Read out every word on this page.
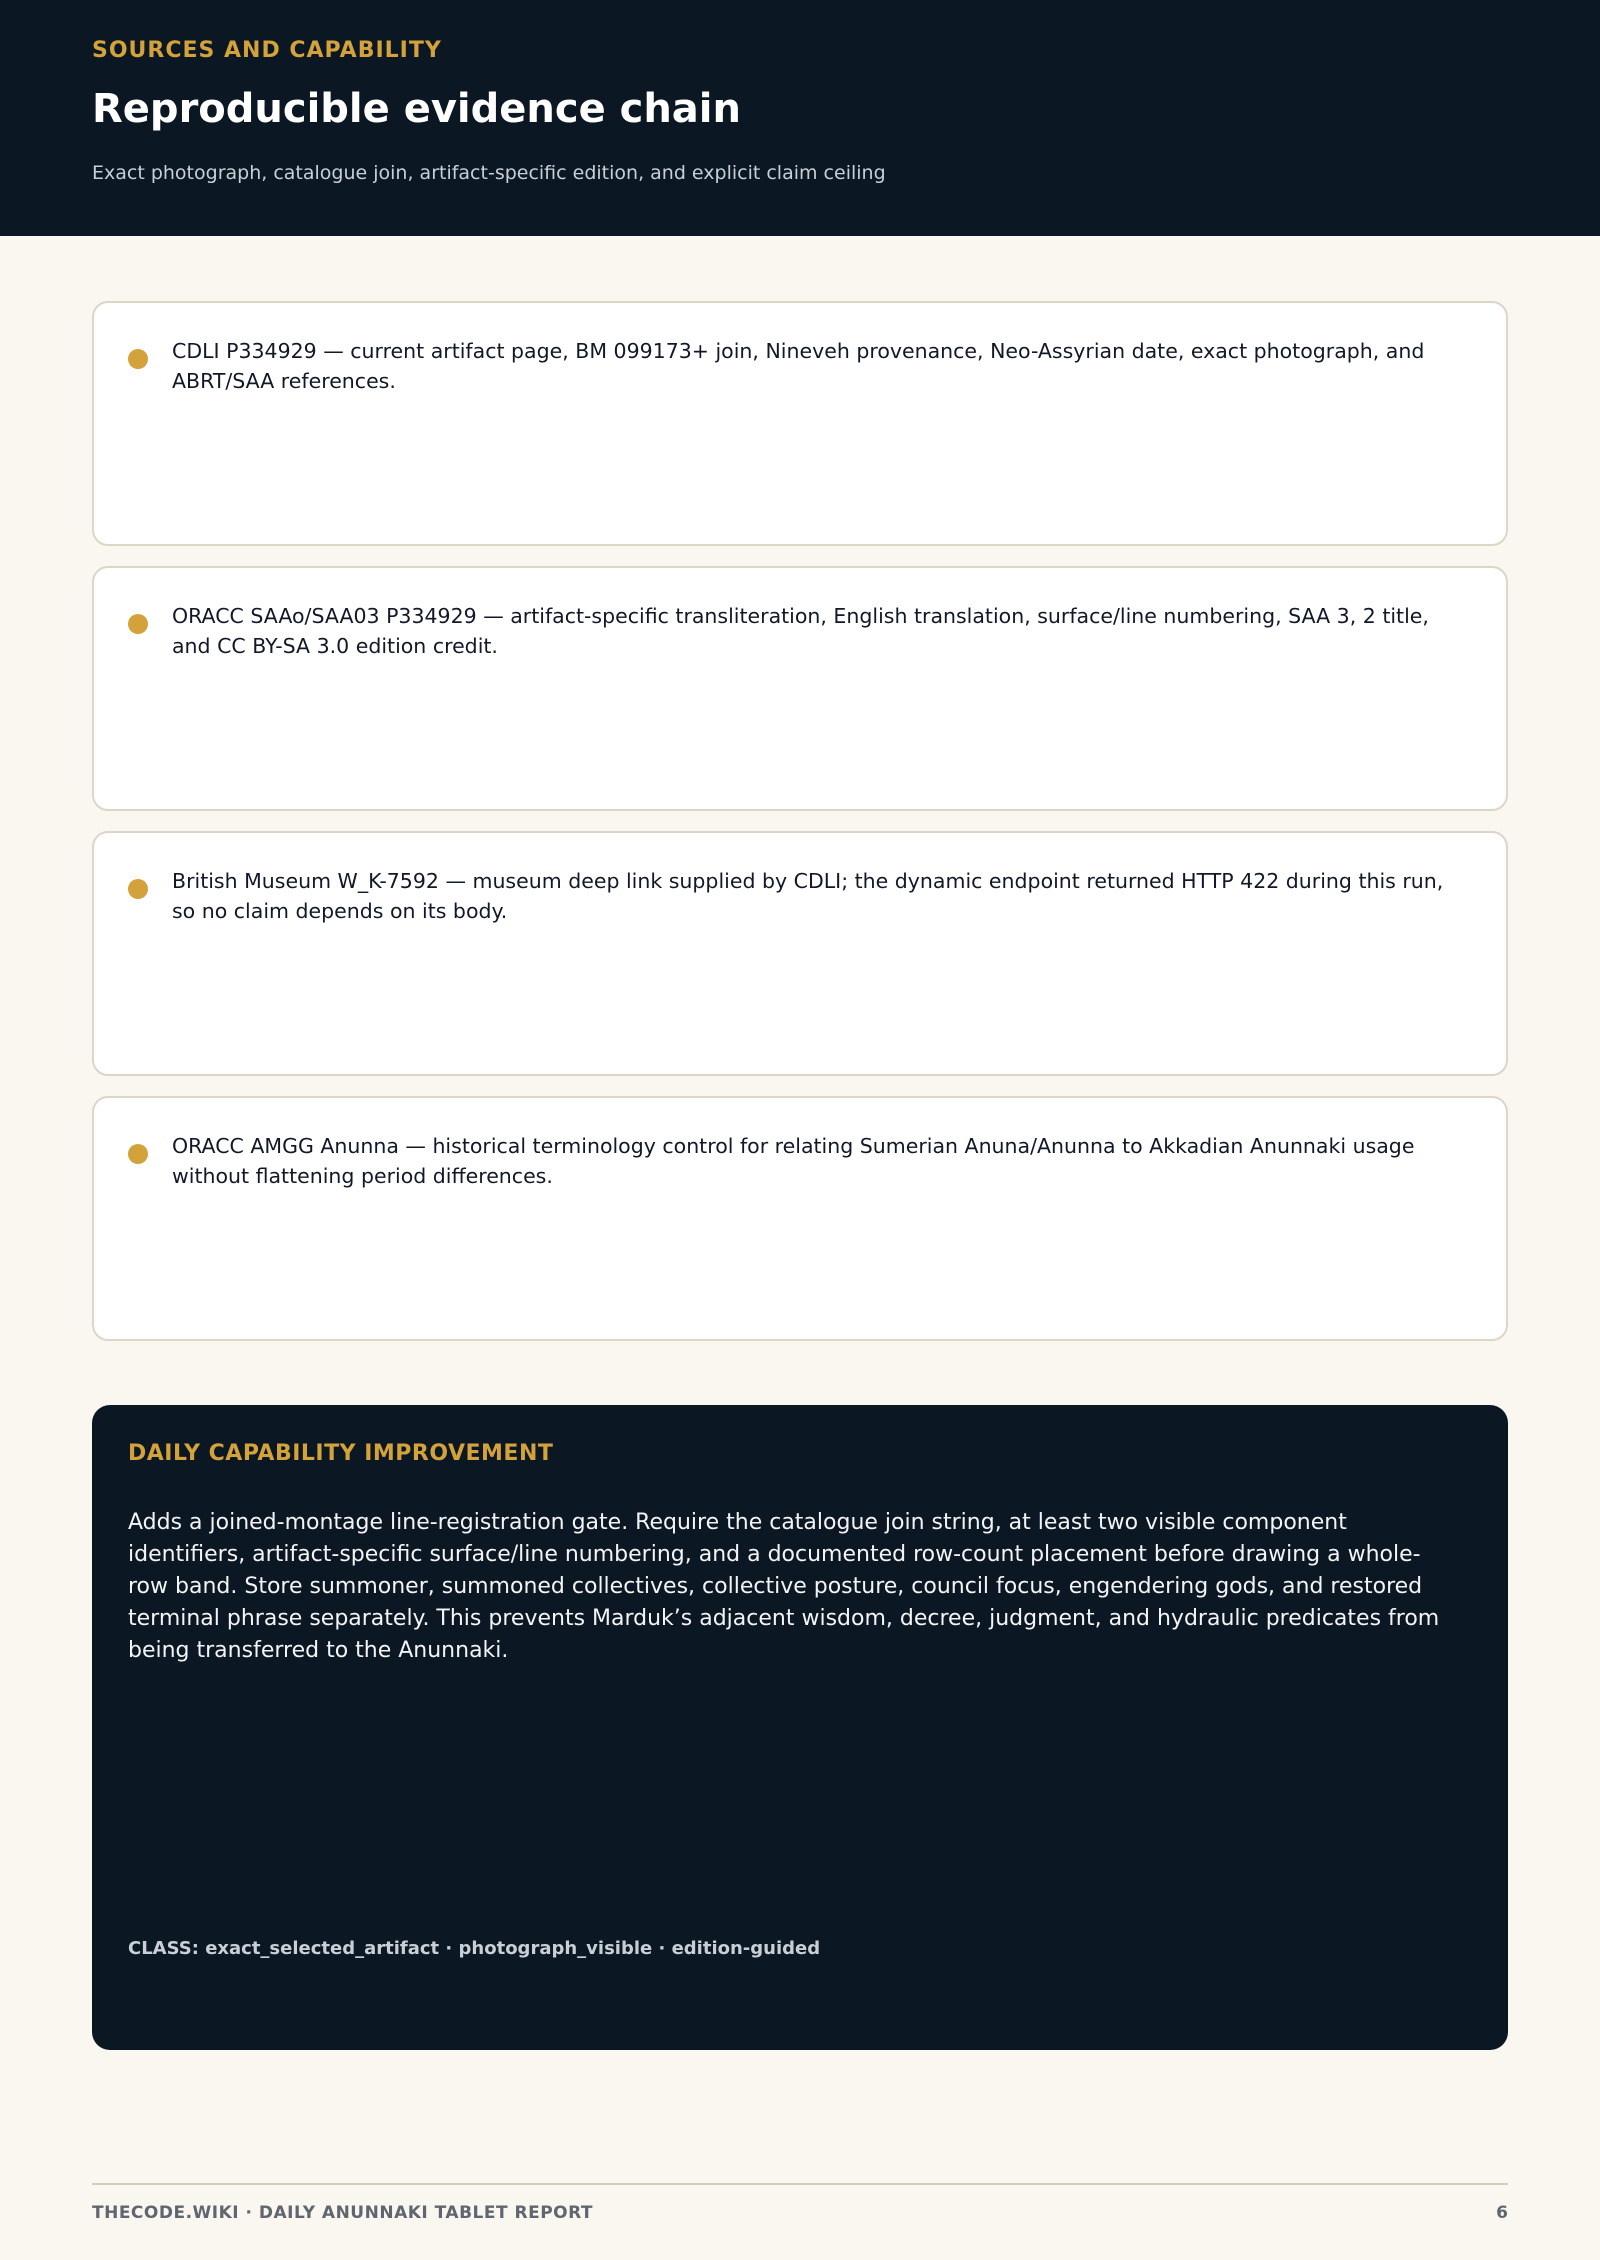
SOURCES AND CAPABILITY
Reproducible evidence chain
Exact photograph, catalogue join, artifact-specific edition, and explicit claim ceiling
CDLI P334929 — current artifact page, BM 099173+ join, Nineveh provenance, Neo-Assyrian date, exact photograph, and ABRT/SAA references.
ORACC SAAo/SAA03 P334929 — artifact-specific transliteration, English translation, surface/line numbering, SAA 3, 2 title, and CC BY-SA 3.0 edition credit.
British Museum W_K-7592 — museum deep link supplied by CDLI; the dynamic endpoint returned HTTP 422 during this run, so no claim depends on its body.
ORACC AMGG Anunna — historical terminology control for relating Sumerian Anuna/Anunna to Akkadian Anunnaki usage without flattening period differences.
DAILY CAPABILITY IMPROVEMENT
Adds a joined-montage line-registration gate. Require the catalogue join string, at least two visible component identifiers, artifact-specific surface/line numbering, and a documented row-count placement before drawing a whole-row band. Store summoner, summoned collectives, collective posture, council focus, engendering gods, and restored terminal phrase separately. This prevents Marduk’s adjacent wisdom, decree, judgment, and hydraulic predicates from being transferred to the Anunnaki.
CLASS: exact_selected_artifact · photograph_visible · edition-guided
THECODE.WIKI · DAILY ANUNNAKI TABLET REPORT	6
